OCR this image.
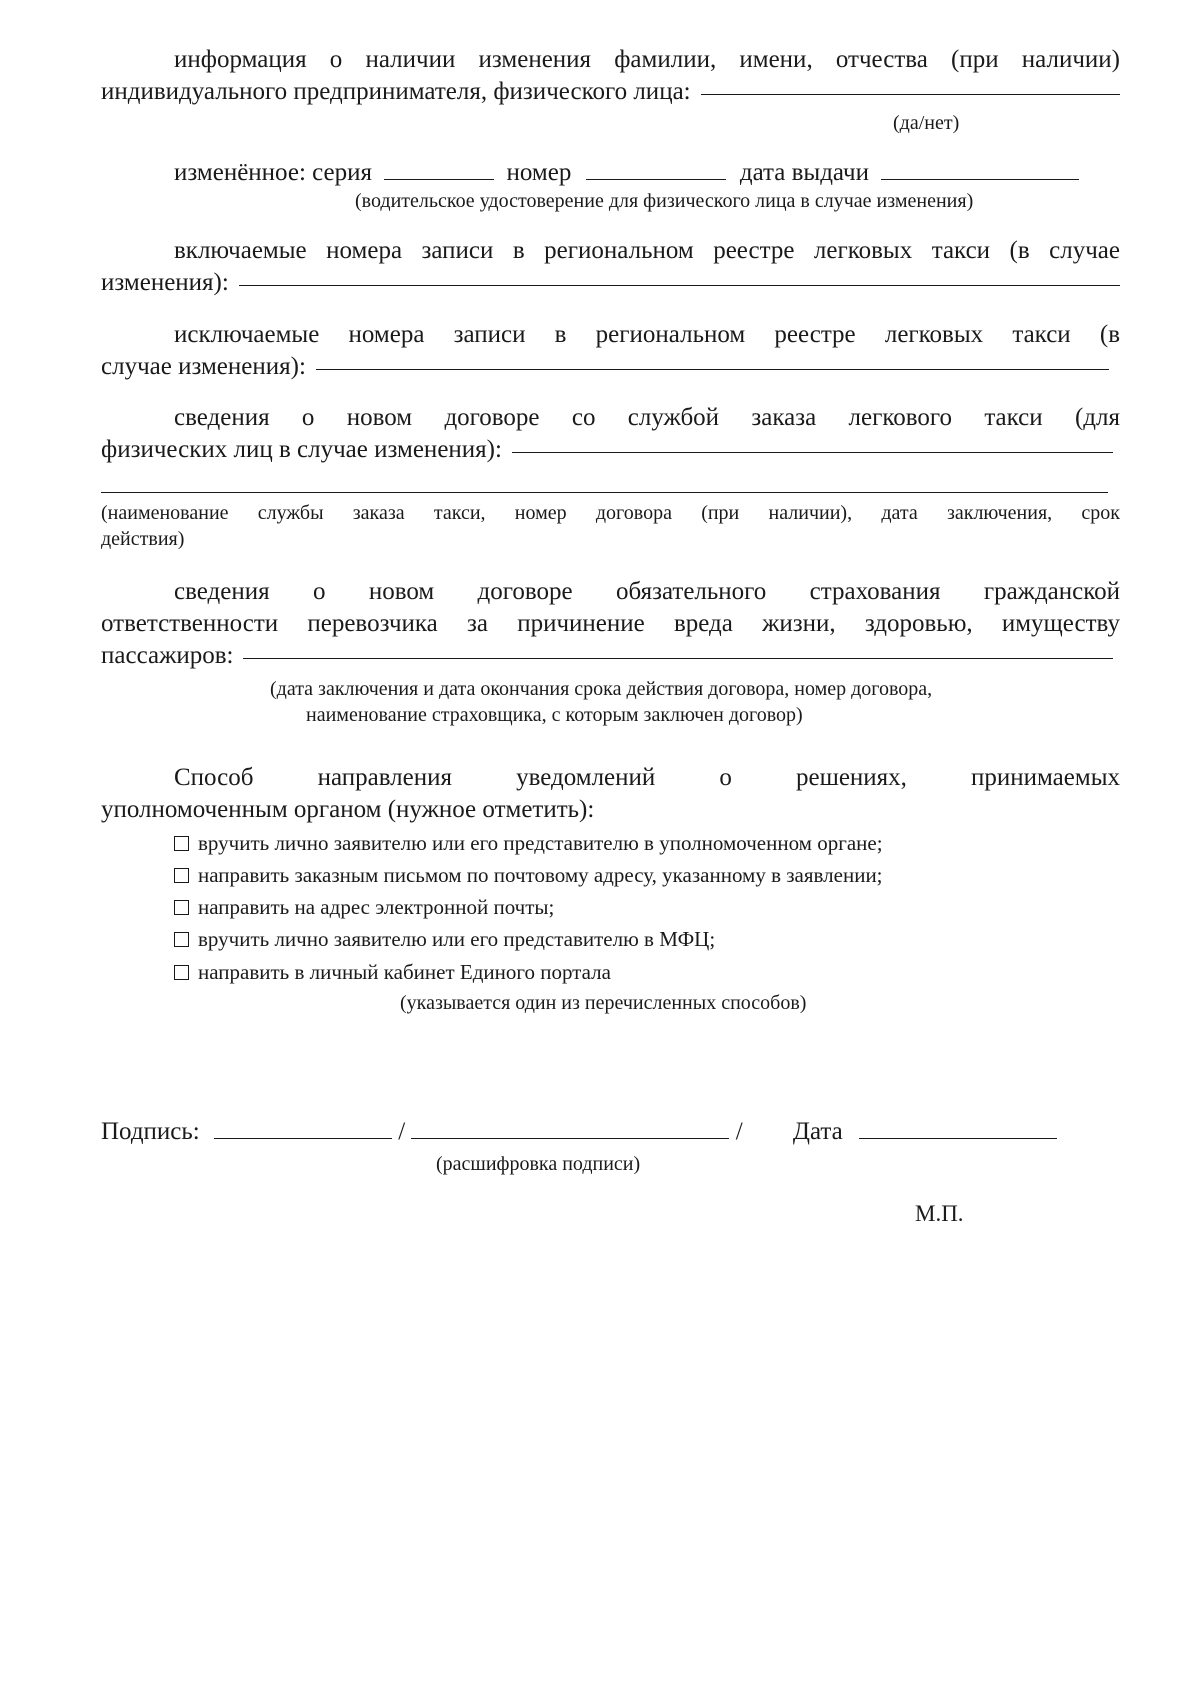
информация о наличии изменения фамилии, имени, отчества (при наличии)
индивидуального предпринимателя, физического лица:
(да/нет)
изменённое: серия	номер	дата выдачи
(водительское удостоверение для физического лица в случае изменения)
включаемые номера записи в региональном реестре легковых такси (в случае
изменения):
исключаемые номера записи в региональном реестре легковых такси (в
случае изменения):
сведения о новом договоре со службой заказа легкового такси (для
физических лиц в случае изменения):
(наименование службы заказа такси, номер договора (при наличии), дата заключения, срок
действия)
сведения о новом договоре обязательного страхования гражданской
ответственности перевозчика за причинение вреда жизни, здоровью, имуществу
пассажиров:
(дата заключения и дата окончания срока действия договора, номер договора,
наименование страховщика, с которым заключен договор)
Способ направления уведомлений о решениях, принимаемых
уполномоченным органом (нужное отметить):
вручить лично заявителю или его представителю в уполномоченном органе;
направить заказным письмом по почтовому адресу, указанному в заявлении;
направить на адрес электронной почты;
вручить лично заявителю или его представителю в МФЦ;
направить в личный кабинет Единого портала
(указывается один из перечисленных способов)
Подпись:	/	/ Дата
(расшифровка подписи)
М.П.
